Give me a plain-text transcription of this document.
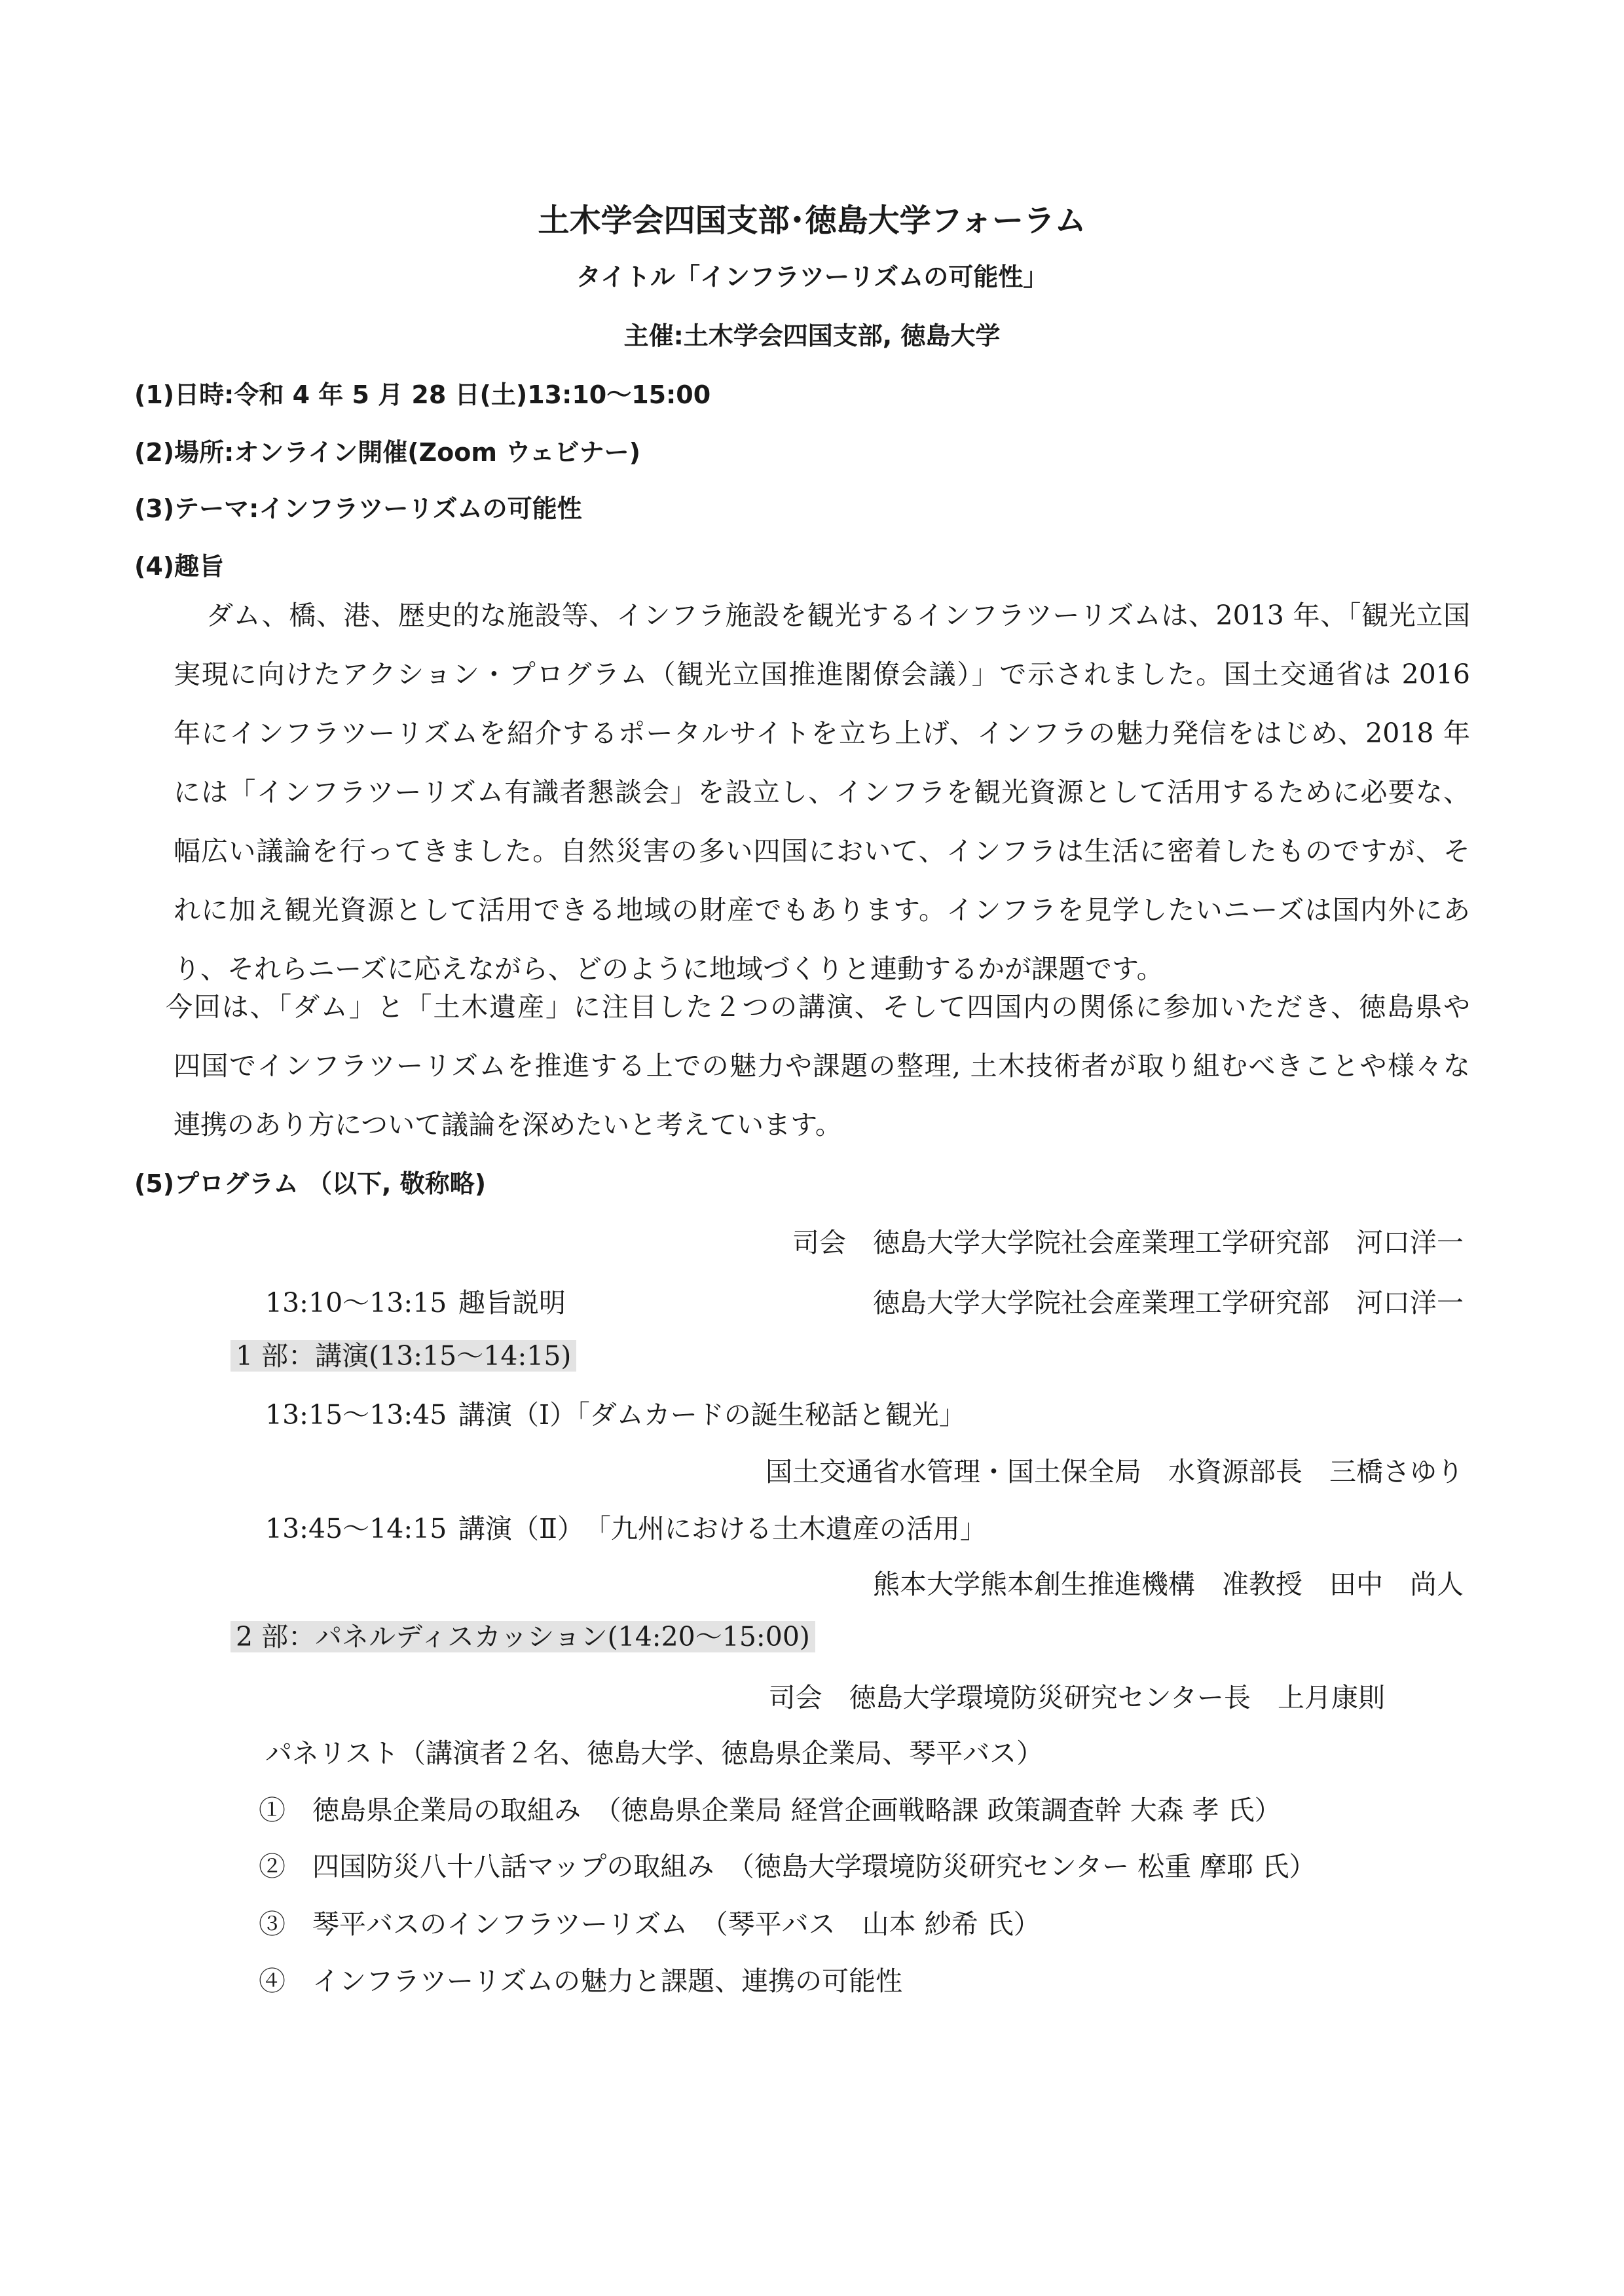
土木学会四国支部･徳島大学フォーラム
タイトル「インフラツーリズムの可能性」
主催:土木学会四国支部, 徳島大学
(1)日時:令和 4 年 5 月 28 日(土)13:10〜15:00
(2)場所:オンライン開催(Zoom ウェビナー)
(3)テーマ:インフラツーリズムの可能性
(4)趣旨
ダム、橋、港、歴史的な施設等、インフラ施設を観光するインフラツーリズムは、2013 年、「観光立国
実現に向けたアクション・プログラム（観光立国推進閣僚会議）」で示されました。国土交通省は 2016
年にインフラツーリズムを紹介するポータルサイトを立ち上げ、インフラの魅力発信をはじめ、2018 年
には「インフラツーリズム有識者懇談会」を設立し、インフラを観光資源として活用するために必要な、
幅広い議論を行ってきました。自然災害の多い四国において、インフラは生活に密着したものですが、そ
れに加え観光資源として活用できる地域の財産でもあります。インフラを見学したいニーズは国内外にあ
り、それらニーズに応えながら、どのように地域づくりと連動するかが課題です。
今回は、「ダム」と「土木遺産」に注目した２つの講演、そして四国内の関係に参加いただき、徳島県や
四国でインフラツーリズムを推進する上での魅力や課題の整理, 土木技術者が取り組むべきことや様々な
連携のあり方について議論を深めたいと考えています。
(5)プログラム （以下, 敬称略)
司会　徳島大学大学院社会産業理工学研究部　河口洋一
13:10〜13:15 趣旨説明	徳島大学大学院社会産業理工学研究部　河口洋一
1 部：講演(13:15〜14:15)
13:15〜13:45 講演（Ⅰ）「ダムカードの誕生秘話と観光」
国土交通省水管理・国土保全局　水資源部長　三橋さゆり
13:45〜14:15 講演（Ⅱ）　「九州における土木遺産の活用」
熊本大学熊本創生推進機構　准教授　田中　尚人
2 部：パネルディスカッション(14:20〜15:00)
司会　徳島大学環境防災研究センター長　上月康則
パネリスト（講演者２名、徳島大学、徳島県企業局、琴平バス）
①　徳島県企業局の取組み　（徳島県企業局 経営企画戦略課 政策調査幹 大森 孝 氏）
②　四国防災八十八話マップの取組み　（徳島大学環境防災研究センター 松重 摩耶 氏）
③　琴平バスのインフラツーリズム　（琴平バス　山本 紗希 氏）
④　インフラツーリズムの魅力と課題、連携の可能性
